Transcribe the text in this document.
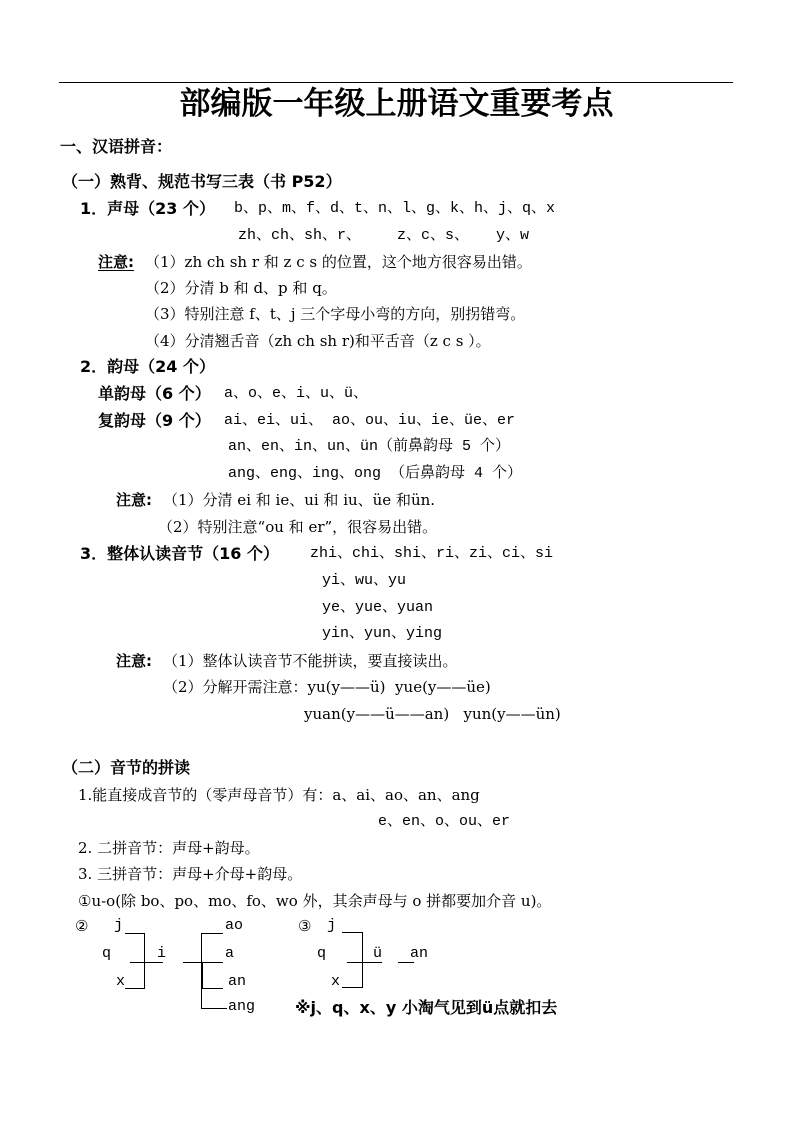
部编版一年级上册语文重要考点
一、汉语拼音：
（一）熟背、规范书写三表（书 P52）
1．声母（23 个） b、p、m、f、d、t、n、l、g、k、h、j、q、x
zh、ch、sh、r、    z、c、s、   y、w
注意: （1）zh ch sh r 和 z c s 的位置，这个地方很容易出错。
（2）分清 b 和 d、p 和 q。
（3）特别注意 f、t、j 三个字母小弯的方向，别拐错弯。
（4）分清翘舌音（zh ch sh r)和平舌音（z c s ）。
2．韵母（24 个）
单韵母（6 个） a、o、e、i、u、ü、
复韵母（9 个） ai、ei、ui、 ao、ou、iu、ie、üe、er
an、en、in、un、ün（前鼻韵母 5 个）
ang、eng、ing、ong （后鼻韵母 4 个）
注意: （1）分清 ei 和 ie、ui 和 iu、üe 和ün.
（2）特别注意“ou 和 er”，很容易出错。
3．整体认读音节（16 个） zhi、chi、shi、ri、zi、ci、si
yi、wu、yu
ye、yue、yuan
yin、yun、ying
注意: （1）整体认读音节不能拼读，要直接读出。
（2）分解开需注意：yu(y——ü)  yue(y——üe)
yuan(y——ü——an)   yun(y——ün)
（二）音节的拼读
1.能直接成音节的（零声母音节）有：a、ai、ao、an、ang
e、en、o、ou、er
2. 二拼音节：声母+韵母。
3. 三拼音节：声母+介母+韵母。
①u-o(除 bo、po、mo、fo、wo 外，其余声母与 o 拼都要加介音 u)。
② j
q
x
i
ao
a
an
ang
③ j
q
x
ü an
※j、q、x、y 小淘气见到ü点就扣去
